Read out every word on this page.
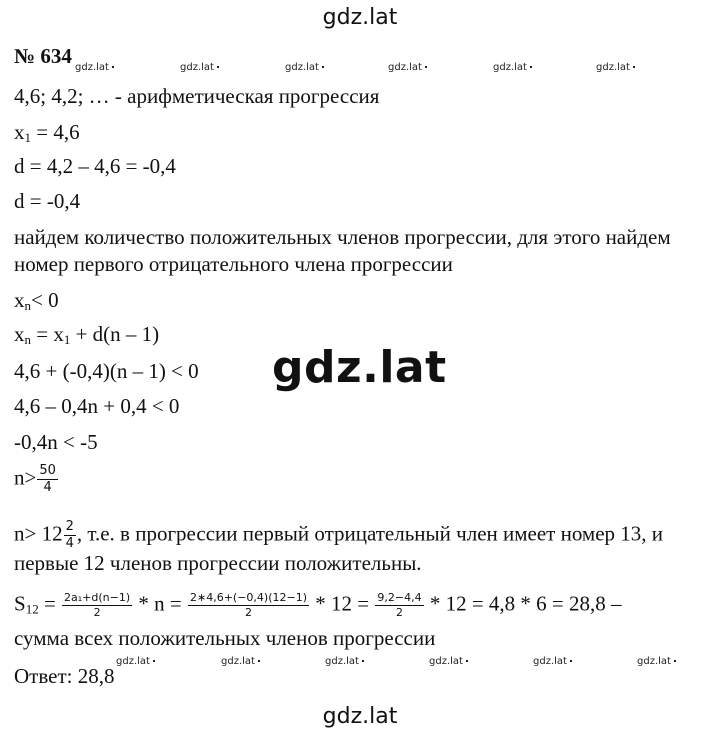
gdz.lat
gdz.lat
gdz.lat
gdz.lat	gdz.lat	gdz.lat	gdz.lat	gdz.lat	gdz.lat
gdz.lat	gdz.lat	gdz.lat	gdz.lat	gdz.lat	gdz.lat
№ 634
4,6; 4,2; … - арифметическая прогрессия
$x_1 = 4,6$
d = 4,2 – 4,6 = -0,4
d = -0,4
найдем количество положительных членов прогрессии, для этого найдем
номер первого отрицательного члена прогрессии
$x_n< 0$
$x_n = x_1 + d(n - 1)$
4,6 + (-0,4)(n – 1) < 0
4,6 – 0,4n + 0,4 < 0
-0,4n < -5
$n> \frac{50}{4}$
$n> 12 \frac{2}{4}$ , т.е. в прогрессии первый отрицательный член имеет номер 13, и
первые 12 членов прогрессии положительны.
$S_{12} = \frac{\text{2a₁+d(n−1)}}{2} * n = \frac{2∗4,6+(-0,4)(12-1)}{2} * 12 = \frac{9,2-4,4}{2} * 12 = 4,8 * 6 = 28,8$ –
сумма всех положительных членов прогрессии
Ответ: 28,8
